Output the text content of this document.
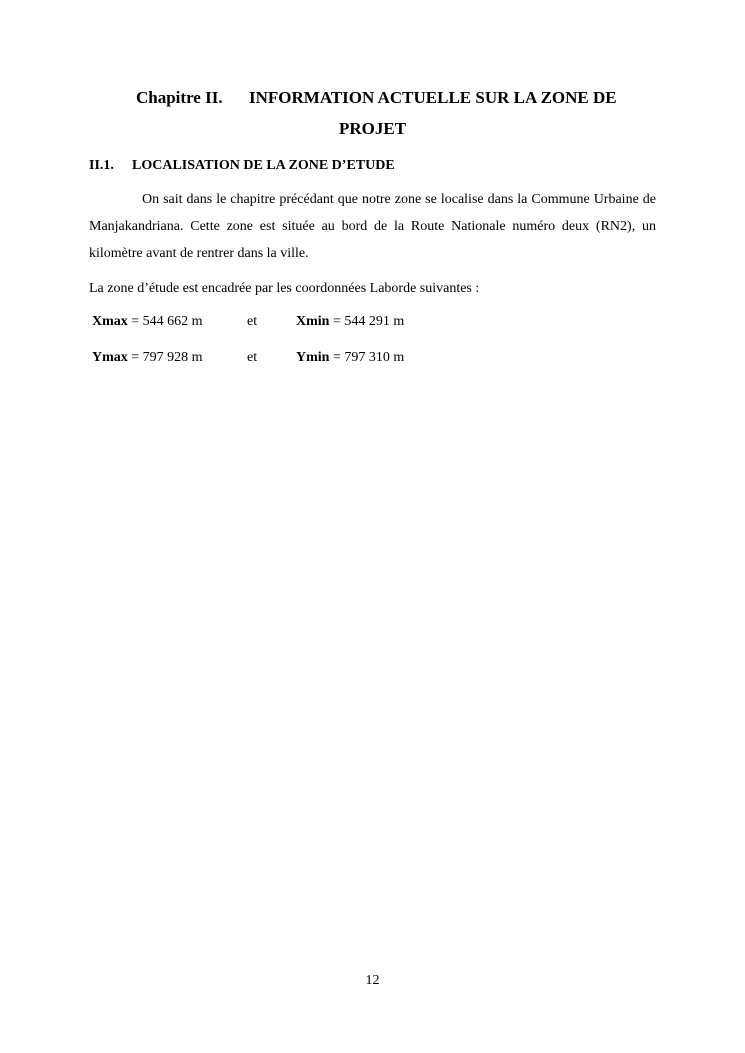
Chapitre II. INFORMATION ACTUELLE SUR LA ZONE DE
PROJET
II.1. LOCALISATION DE LA ZONE D’ETUDE

On sait dans le chapitre précédant que notre zone se localise dans la Commune Urbaine de Manjakandriana. Cette zone est située au bord de la Route Nationale numéro deux (RN2), un kilomètre avant de rentrer dans la ville.

La zone d’étude est encadrée par les coordonnées Laborde suivantes :

Xmax = 544 662 m	et	Xmin = 544 291 m
Ymax = 797 928 m	et	Ymin = 797 310 m
12
